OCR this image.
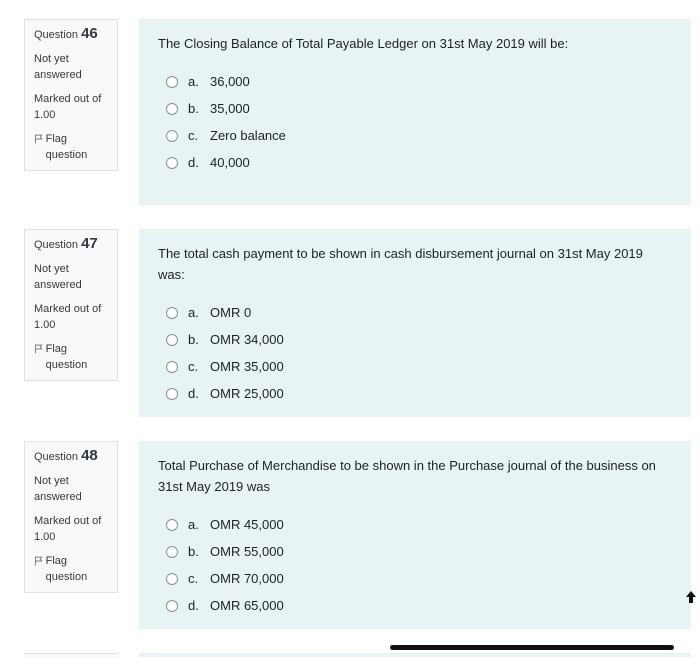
Question 46
Not yet answered
Marked out of 1.00
Flag question

The Closing Balance of Total Payable Ledger on 31st May 2019 will be:

a. 36,000
b. 35,000
c. Zero balance
d. 40,000
Question 47
Not yet answered
Marked out of 1.00
Flag question

The total cash payment to be shown in cash disbursement journal on 31st May 2019 was:

a. OMR 0
b. OMR 34,000
c. OMR 35,000
d. OMR 25,000
Question 48
Not yet answered
Marked out of 1.00
Flag question

Total Purchase of Merchandise to be shown in the Purchase journal of the business on 31st May 2019 was

a. OMR 45,000
b. OMR 55,000
c. OMR 70,000
d. OMR 65,000
